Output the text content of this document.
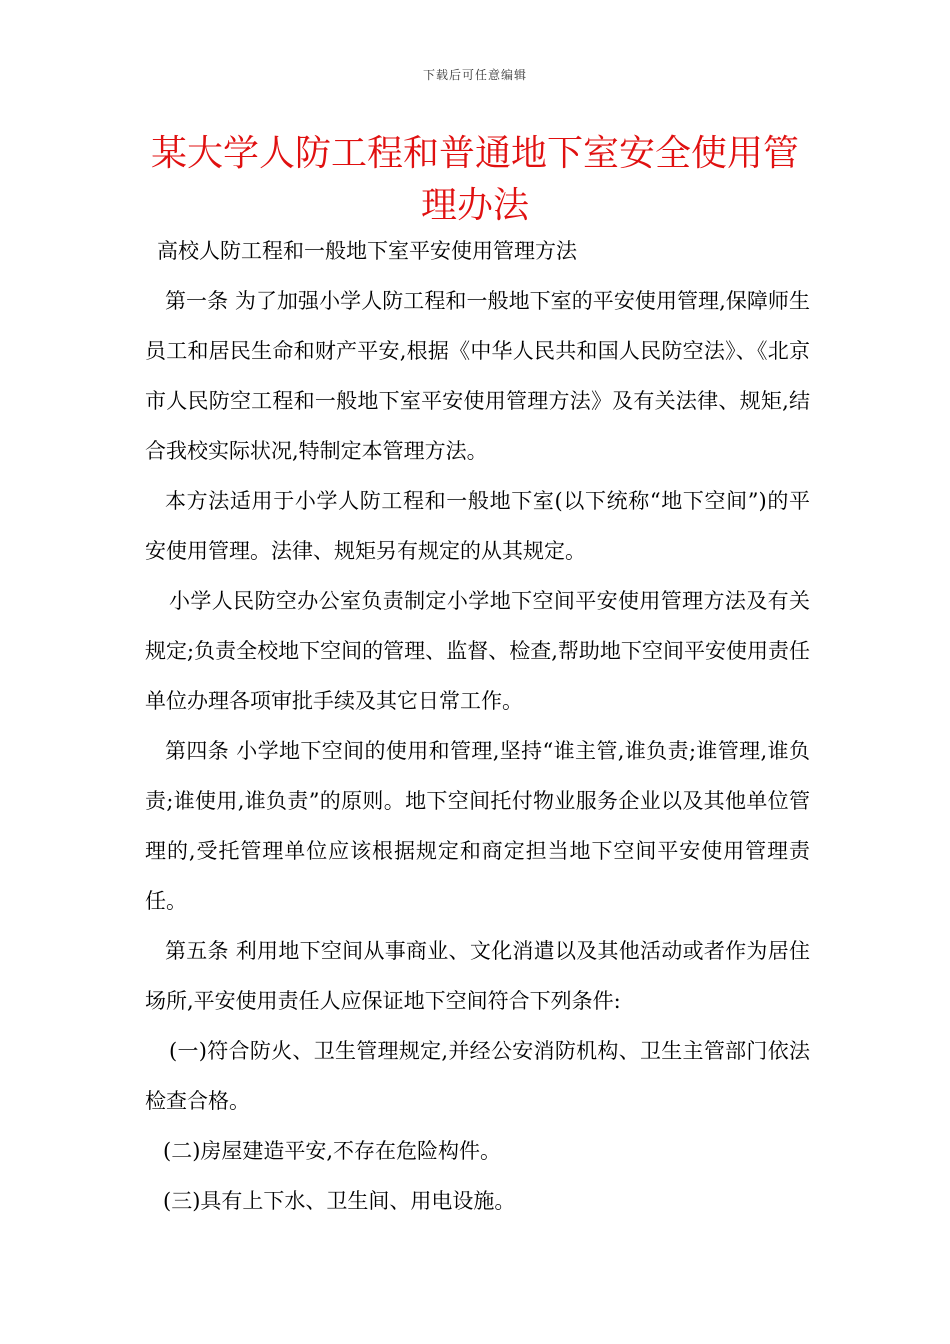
下载后可任意编辑
某大学人防工程和普通地下室安全使用管理办法

高校人防工程和一般地下室平安使用管理方法

第一条 为了加强小学人防工程和一般地下室的平安使用管理,保障师生员工和居民生命和财产平安,根据《中华人民共和国人民防空法》、《北京市人民防空工程和一般地下室平安使用管理方法》及有关法律、规矩,结合我校实际状况,特制定本管理方法。

本方法适用于小学人防工程和一般地下室(以下统称“地下空间”)的平安使用管理。法律、规矩另有规定的从其规定。

小学人民防空办公室负责制定小学地下空间平安使用管理方法及有关规定;负责全校地下空间的管理、监督、检查,帮助地下空间平安使用责任单位办理各项审批手续及其它日常工作。

第四条 小学地下空间的使用和管理,坚持“谁主管,谁负责;谁管理,谁负责;谁使用,谁负责”的原则。地下空间托付物业服务企业以及其他单位管理的,受托管理单位应该根据规定和商定担当地下空间平安使用管理责任。

第五条 利用地下空间从事商业、文化消遣以及其他活动或者作为居住场所,平安使用责任人应保证地下空间符合下列条件:

(一)符合防火、卫生管理规定,并经公安消防机构、卫生主管部门依法检查合格。

(二)房屋建造平安,不存在危险构件。

(三)具有上下水、卫生间、用电设施。
